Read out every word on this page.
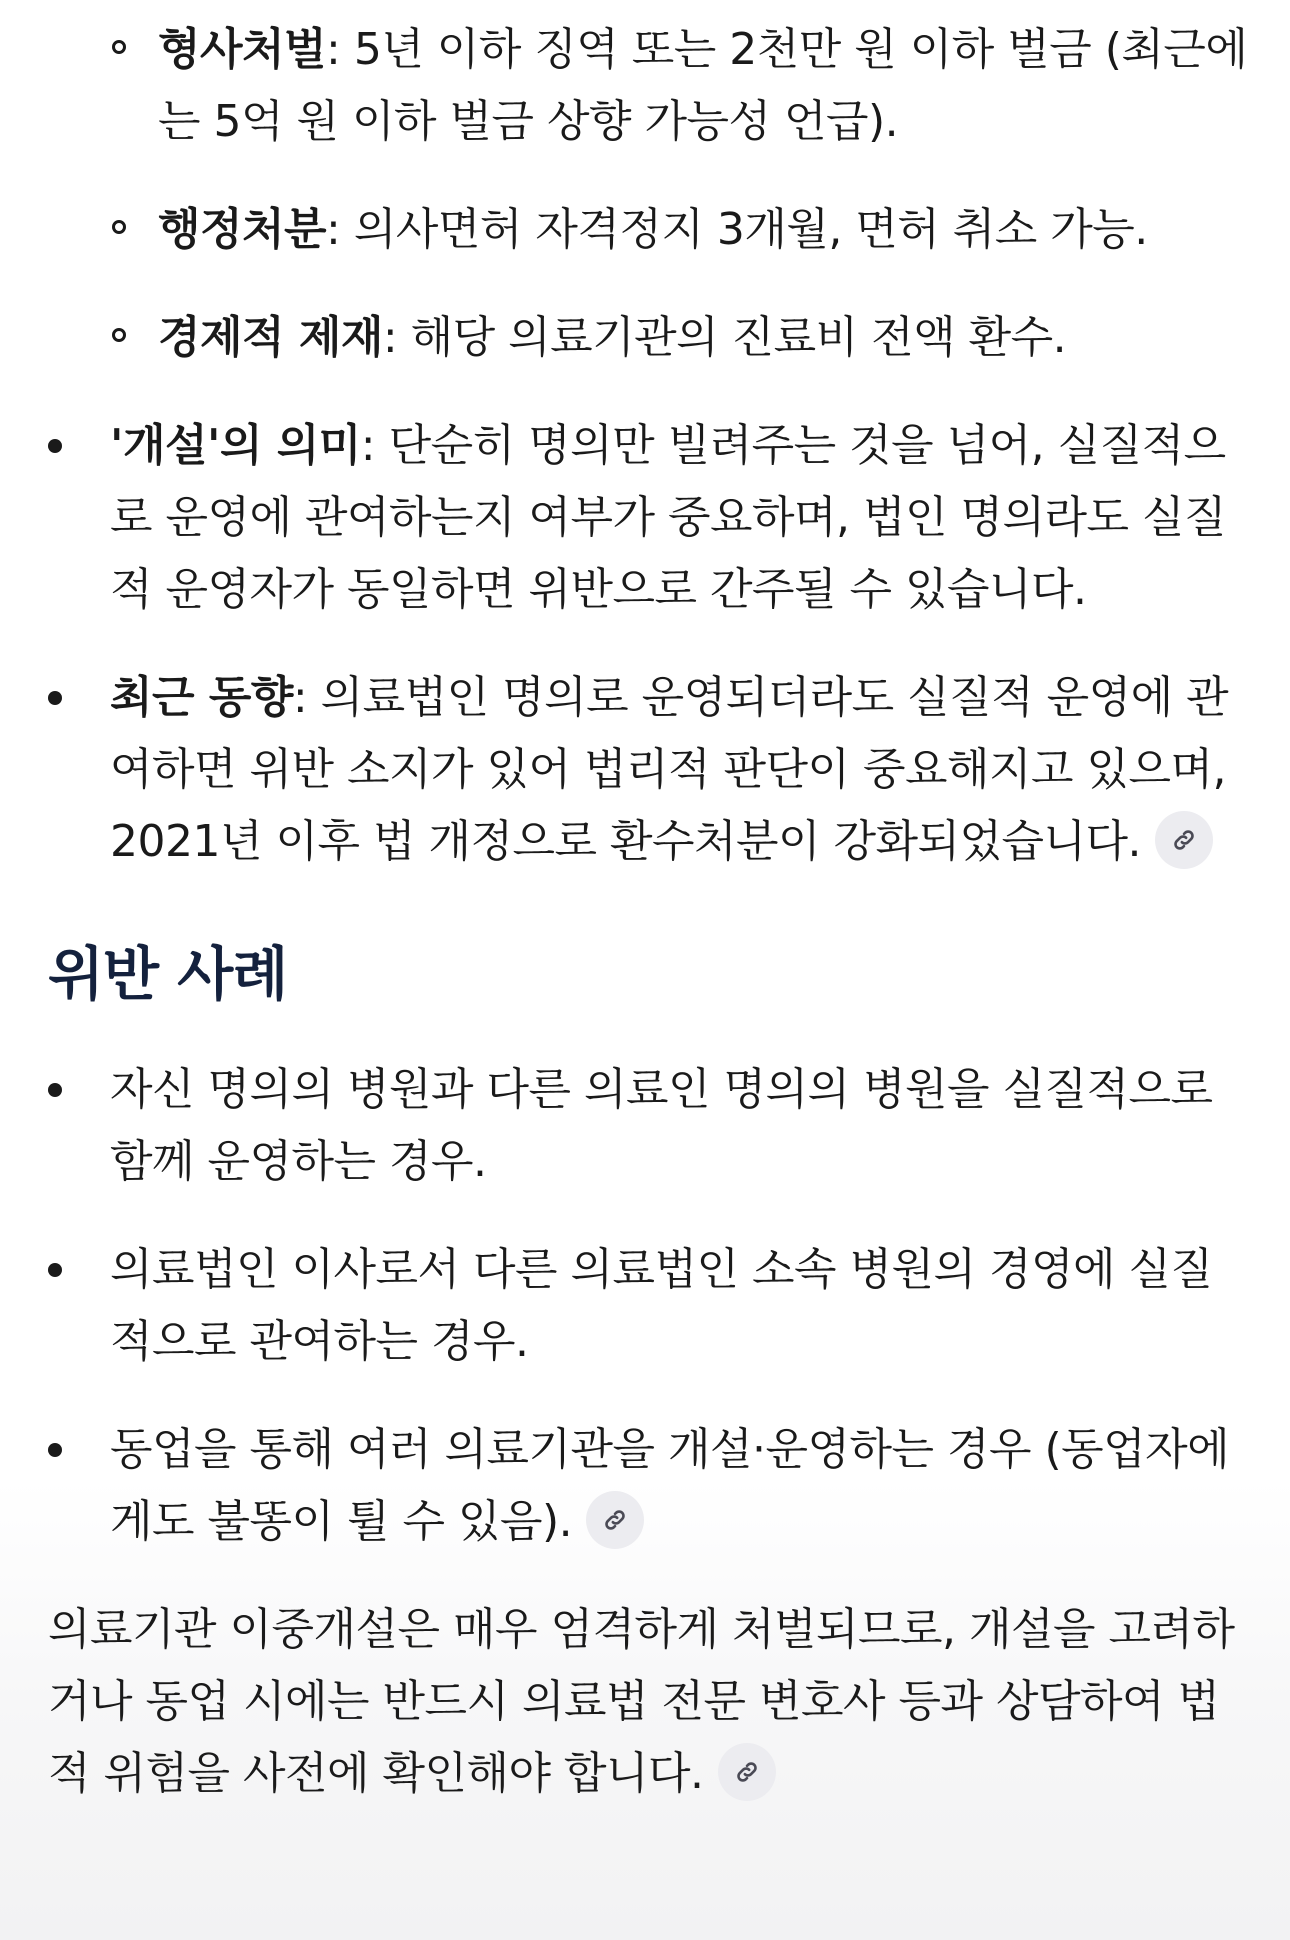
형사처벌: 5년 이하 징역 또는 2천만 원 이하 벌금 (최근에는 5억 원 이하 벌금 상향 가능성 언급).
행정처분: 의사면허 자격정지 3개월, 면허 취소 가능.
경제적 제재: 해당 의료기관의 진료비 전액 환수.
'개설'의 의미: 단순히 명의만 빌려주는 것을 넘어, 실질적으로 운영에 관여하는지 여부가 중요하며, 법인 명의라도 실질적 운영자가 동일하면 위반으로 간주될 수 있습니다.
최근 동향: 의료법인 명의로 운영되더라도 실질적 운영에 관여하면 위반 소지가 있어 법리적 판단이 중요해지고 있으며, 2021년 이후 법 개정으로 환수처분이 강화되었습니다.
위반 사례
자신 명의의 병원과 다른 의료인 명의의 병원을 실질적으로 함께 운영하는 경우.
의료법인 이사로서 다른 의료법인 소속 병원의 경영에 실질적으로 관여하는 경우.
동업을 통해 여러 의료기관을 개설·운영하는 경우 (동업자에게도 불똥이 튈 수 있음).
의료기관 이중개설은 매우 엄격하게 처벌되므로, 개설을 고려하거나 동업 시에는 반드시 의료법 전문 변호사 등과 상담하여 법적 위험을 사전에 확인해야 합니다.
